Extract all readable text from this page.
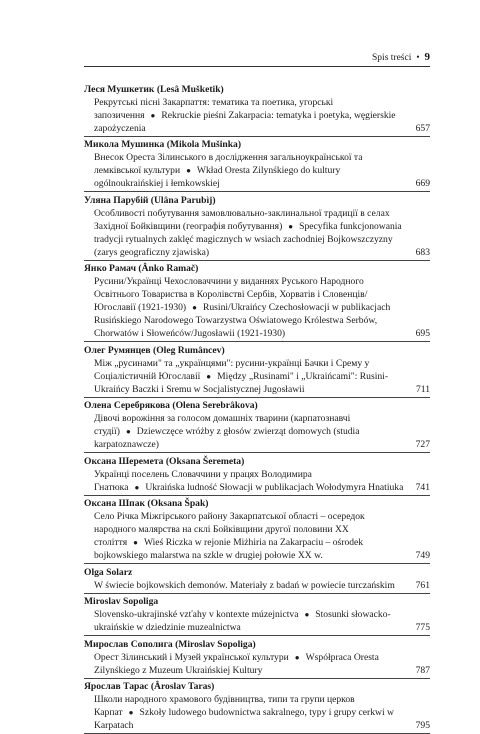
Spis treści • 9
Леся Мушкетик (Lesâ Mušketik)
Рекрутські пісні Закарпаття: тематика та поетика, угорські запозичення ● Rekruckie pieśni Zakarpacia: tematyka i poetyka, węgierskie zapożyczenia	657
Микола Мушинка (Mikola Mušinka)
Внесок Ореста Зілинського в дослідження загальноукраїнської та лемківської культури ● Wkład Oresta Zilynśkiego do kultury ogólnoukraińskiej i łemkowskiej	669
Уляна Парубій (Ulâna Parubìj)
Особливості побутування замовлювально-заклинальної традиції в селах Західної Бойківщини (географія побутування) ● Specyfika funkcjonowania tradycji rytualnych zaklęć magicznych w wsiach zachodniej Bojkowszczyzny (zarys geograficzny zjawiska)	683
Янко Рамач (Ânko Ramač)
Русини/Українці Чехословаччини у виданнях Руського Народного Освітнього Товариства в Королівстві Сербів, Хорватів і Словенців/Югославії (1921-1930) ● Rusini/Ukraińcy Czechosłowacji w publikacjach Rusińskiego Narodowego Towarzystwa Oświatowego Królestwa Serbów, Chorwatów i Słoweńców/Jugosławii (1921-1930)	695
Олег Румянцев (Oleg Rumâncev)
Між „русинами" та „українцями": русини-українці Бачки і Срему у Соціалістичній Югославії ● Między „Rusinami" i „Ukraińcami": Rusini-Ukraińcy Baczki i Sremu w Socjalistycznej Jugosławii	711
Олена Серебрякова (Olena Serebrâkova)
Дівочі ворожіння за голосом домашніх тварини (карпатознавчі студії) ● Dziewczęce wróżby z głosów zwierząt domowych (studia karpatoznawcze)	727
Оксана Шеремета (Oksana Šeremeta)
Українці поселень Словаччини у працях Володимира Гнатюка ● Ukraińska ludność Słowacji w publikacjach Wołodymyra Hnatiuka 741
Оксана Шпак (Oksana Špak)
Село Річка Міжгірського району Закарпатської області – осередок народного малярства на склі Бойківщини другої половини ХХ століття ● Wieś Riczka w rejonie Miżhiria na Zakarpaciu – ośrodek bojkowskiego malarstwa na szkle w drugiej połowie XX w.	749
Olga Solarz
W świecie bojkowskich demonów. Materiały z badań w powiecie turczańskim	761
Miroslav Sopoliga
Slovensko-ukrajinské vzťahy v kontexte múzejnictva ● Stosunki słowacko-ukraińskie w dziedzinie muzealnictwa	775
Мирослав Сополига (Miroslav Sopoliga)
Орест Зілинський і Музей української культури ● Współpraca Oresta Zilynśkiego z Muzeum Ukraińskiej Kultury	787
Ярослав Тарас (Âroslav Taras)
Школи народного храмового будівництва, типи та групи церков Карпат ● Szkoły ludowego budownictwa sakralnego, typy i grupy cerkwi w Karpatach	795
